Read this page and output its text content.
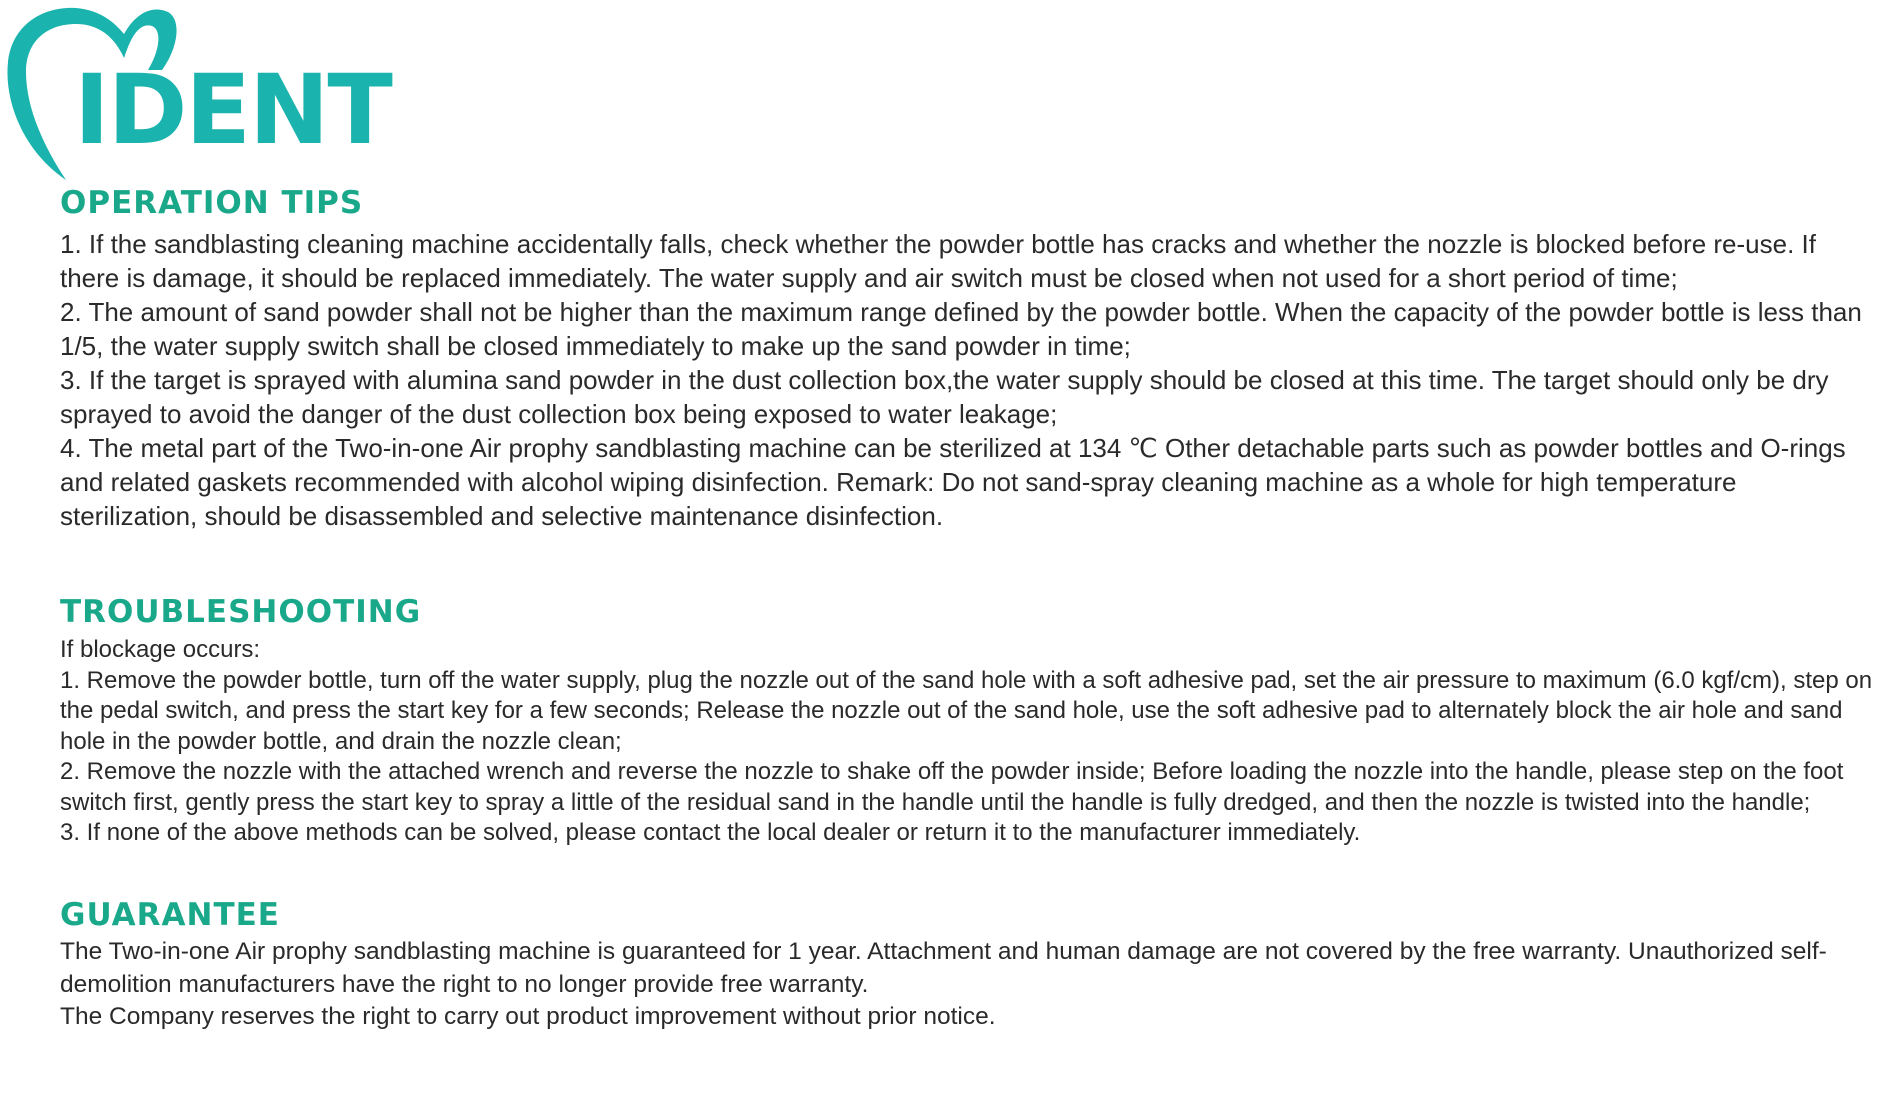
IDENT
OPERATION TIPS

1. If the sandblasting cleaning machine accidentally falls, check whether the powder bottle has cracks and whether the nozzle is blocked before re-use. If there is damage, it should be replaced immediately. The water supply and air switch must be closed when not used for a short period of time;

2. The amount of sand powder shall not be higher than the maximum range defined by the powder bottle. When the capacity of the powder bottle is less than 1/5, the water supply switch shall be closed immediately to make up the sand powder in time;

3. If the target is sprayed with alumina sand powder in the dust collection box,the water supply should be closed at this time. The target should only be dry sprayed to avoid the danger of the dust collection box being exposed to water leakage;

4. The metal part of the Two-in-one Air prophy sandblasting machine can be sterilized at 134 ℃ Other detachable parts such as powder bottles and O-rings and related gaskets recommended with alcohol wiping disinfection. Remark: Do not sand-spray cleaning machine as a whole for high temperature sterilization, should be disassembled and selective maintenance disinfection.

TROUBLESHOOTING

If blockage occurs:

1. Remove the powder bottle, turn off the water supply, plug the nozzle out of the sand hole with a soft adhesive pad, set the air pressure to maximum (6.0 kgf/cm), step on the pedal switch, and press the start key for a few seconds; Release the nozzle out of the sand hole, use the soft adhesive pad to alternately block the air hole and sand hole in the powder bottle, and drain the nozzle clean;

2. Remove the nozzle with the attached wrench and reverse the nozzle to shake off the powder inside; Before loading the nozzle into the handle, please step on the foot switch first, gently press the start key to spray a little of the residual sand in the handle until the handle is fully dredged, and then the nozzle is twisted into the handle;

3. If none of the above methods can be solved, please contact the local dealer or return it to the manufacturer immediately.

GUARANTEE

The Two-in-one Air prophy sandblasting machine is guaranteed for 1 year. Attachment and human damage are not covered by the free warranty. Unauthorized self-demolition manufacturers have the right to no longer provide free warranty.

The Company reserves the right to carry out product improvement without prior notice.
